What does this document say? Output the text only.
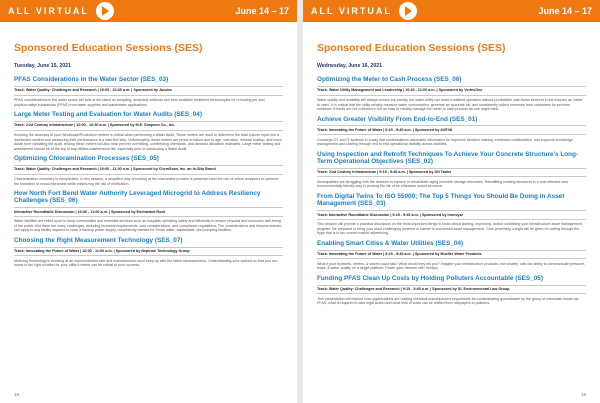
ALL VIRTUAL	June 14 – 17
Sponsored Education Sessions (SES)
Tuesday, June 15, 2021
PFAS Considerations in the Water Sector (SES_03)
Track: Water Quality: Challenges and Research | 10:00 - 10:30 a.m. | Sponsored by Jacobs
PFAS considerations in the water sector will look at the latest on sampling, analytical methods and best available treatment technologies for removing per and polyfluoroalkyl substances (PFAS) from water supplies and wastewater applications.
Large Meter Testing and Evaluation for Water Audits (SES_04)
Track: 21st Century Infrastructure | 10:00 - 10:30 a.m. | Sponsored by M.E. Simpson Co., Inc.
Knowing the accuracy of your Wholesale/Production meters is critical when performing a Water Audit. These meters are used to determine the total volume input into a distribution system and measuring their performance is a vital first step. Unfortunately, these meters are prone to failure due to age, corrosion, mineral buildup, and more. Aside from validating the audit, testing these meters will also help prevent overbilling, overfeeding chemicals, and demand allocation estimates. Large meter testing and assessment should be at the top of any utilities maintenance list, especially prior to conducting a Water Audit.
Optimizing Chloramination Processes (SES_05)
Track: Water Quality: Challenges and Research | 10:00 - 11:00 a.m. | Sponsored by ChemScan, Inc. an In-Situ Brand
Chloramination chemistry is complicated. In this session, a simplified way of looking at the chloramine process is presented and the use of online analyzers to optimize the formation of monochloramine while minimizing the risk of nitrification.
How North Fort Bend Water Authority Leveraged Microgrid to Address Resiliency Challenges (SES_06)
Interactive Roundtable Discussion | 10:30 - 11:00 a.m. | Sponsored by Enchanted Rock
Water facilities are relied upon to keep communities and essential services such as hospitals operating safely and efficiently to ensure physical and economic well-being of the public. But there are many challenges, including technical requirements, cost considerations, and compliance regulations. The considerations and lessons learned can apply to any facility required to have a backup power supply, consistently needed for Texas water, wastewater, and pumping facilities.
Choosing the Right Measurement Technology (SES_07)
Track: Innovating the Future of Water | 10:30 - 11:00 a.m. | Sponsored by Neptune Technology Group
Metering technology is evolving at an unprecedented rate and manufacturers must keep up with the latest advancements. Understanding your options so that you can invest in the right solution for your utility's needs can be critical to your success.
18
ALL VIRTUAL	June 14 – 17
Sponsored Education Sessions (SES)
Wednesday, June 16, 2021
Optimizing the Meter to Cash Process (SES_06)
Track: Water Utility Management and Leadership | 10:30 - 11:00 a.m. | Sponsored by VertexOne
Water quality and reliability will always remain top priority, but water utility can build a resilient operation without predictable cash flows inherent in the industry as 'meter to cash'. It is critical that the utility reliably measure water consumption, generate an accurate bill, and consistently collect revenues from customers for services rendered. If funds are not collected in full as easy to reliably manage the meter to cash process as one might think.
Achieve Greater Visibility From End-to-End (SES_01)
Track: Innovating the Future of Water | 9:15 - 9:45 a.m. | Sponsored by AVEVA
Converge OT and IT systems in a way that contextualizes actionable information for improved decision making, enhanced collaboration, and supports knowledge management and sharing through end to end operational visibility across facilities.
Using Inspection and Retrofit Techniques To Achieve Your Concrete Structure's Long-Term Operational Objectives (SES_02)
Track: 21st Century Infrastructure | 9:15 - 9:45 a.m. | Sponsored by DN Tanks
Municipalities are struggling with the decision to replace or rehabilitate aging concrete storage structures. Retrofitting existing structures is a cost effective and environmentally friendly way to prolong the life of an otherwise sound structure.
From Digital Twins To ISO 55000; The Top 5 Things You Should Be Doing in Asset Management (SES_03)
Track: Interactive Roundtable Discussion | 9:15 - 9:45 a.m. | Sponsored by Innovyze
This session will provide a practical discussion on the most important things to know about starting, improving, and/or sustaining your infrastructure asset management program. Be prepared to bring your most challenging problem or barrier to successful asset management. Time permitting, insight will be given on cutting through the hype that is in the current market advertising.
Enabling Smart Cities & Water Utilities (SES_04)
Track: Innovating the Future of Water | 9:15 - 9:45 a.m. | Sponsored by Mueller Water Products
What if your hydrants, meters, & valves could talk? What would they tell you? Imagine your infrastructure products, but smarter, with the ability to communicate pressure, leaks, & water quality on a single platform. Power your network with Sentryx.
Funding PFAS Clean Up Costs by Holding Polluters Accountable (SES_05)
Track: Water Quality: Challenges and Research | 9:15 - 9:45 a.m. | Sponsored by SL Environmental Law Group
This presentation will explore how organizations are holding chemical manufacturers responsible for contaminating groundwater by the group of chemicals known as PFAS, what is required to take legal action and what kind of costs can be shifted from ratepayers to polluters.
19
